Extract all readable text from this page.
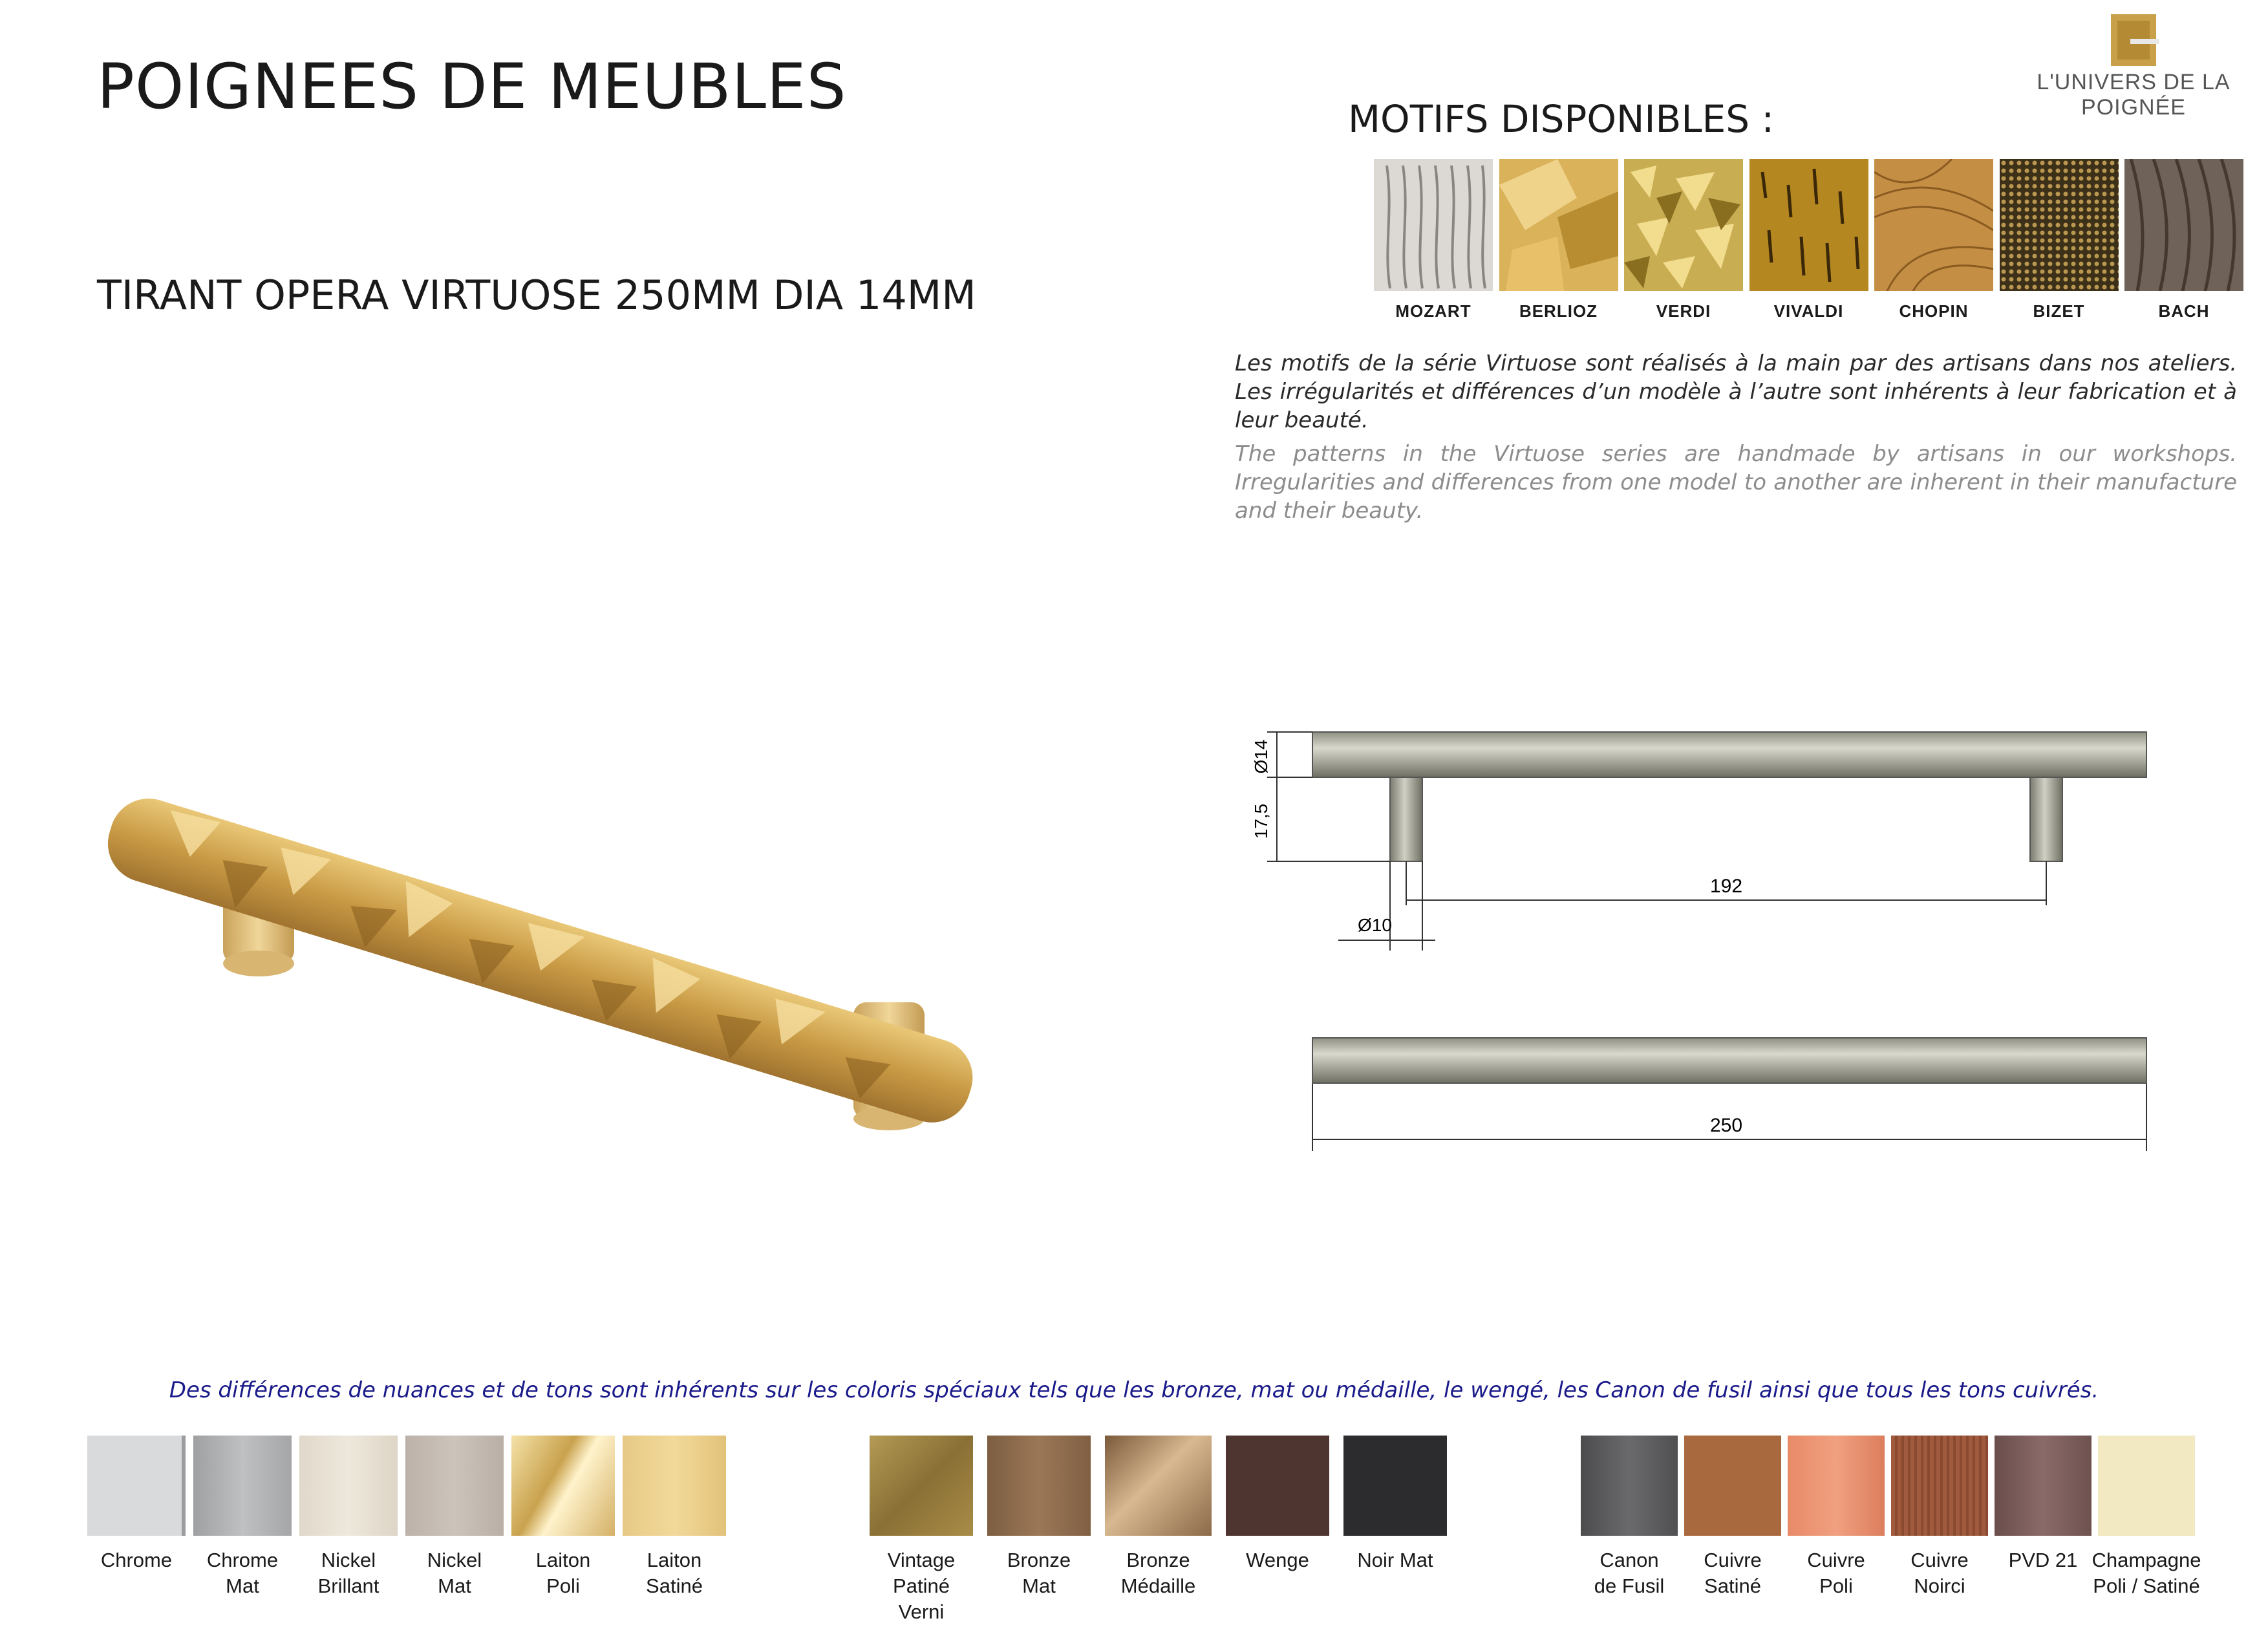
POIGNEES DE MEUBLES
TIRANT OPERA VIRTUOSE 250MM DIA 14MM
L'UNIVERS DE LA POIGNÉE
MOTIFS DISPONIBLES :
MOZART	BERLIOZ	VERDI	VIVALDI	CHOPIN	BIZET	BACH
Les motifs de la série Virtuose sont réalisés à la main par des artisans dans nos ateliers. Les irrégularités et différences d’un modèle à l’autre sont inhérents à leur fabrication et à leur beauté.
The patterns in the Virtuose series are handmade by artisans in our workshops. Irregularities and differences from one model to another are inherent in their manufacture and their beauty.
Ø14
17,5
Ø10
192
250
Des différences de nuances et de tons sont inhérents sur les coloris spéciaux tels que les bronze, mat ou médaille, le wengé, les Canon de fusil ainsi que tous les tons cuivrés.
Chrome Chrome
Mat
Nickel
Brillant
Nickel
Mat
Laiton
Poli
Laiton
Satiné
Vintage Patiné
Verni
Bronze
Mat
Bronze
Médaille
Wenge Noir Mat	Canon
de Fusil
Cuivre
Satiné
Cuivre
Poli
Cuivre
Noirci
PVD 21 Champagne
Poli / Satiné
